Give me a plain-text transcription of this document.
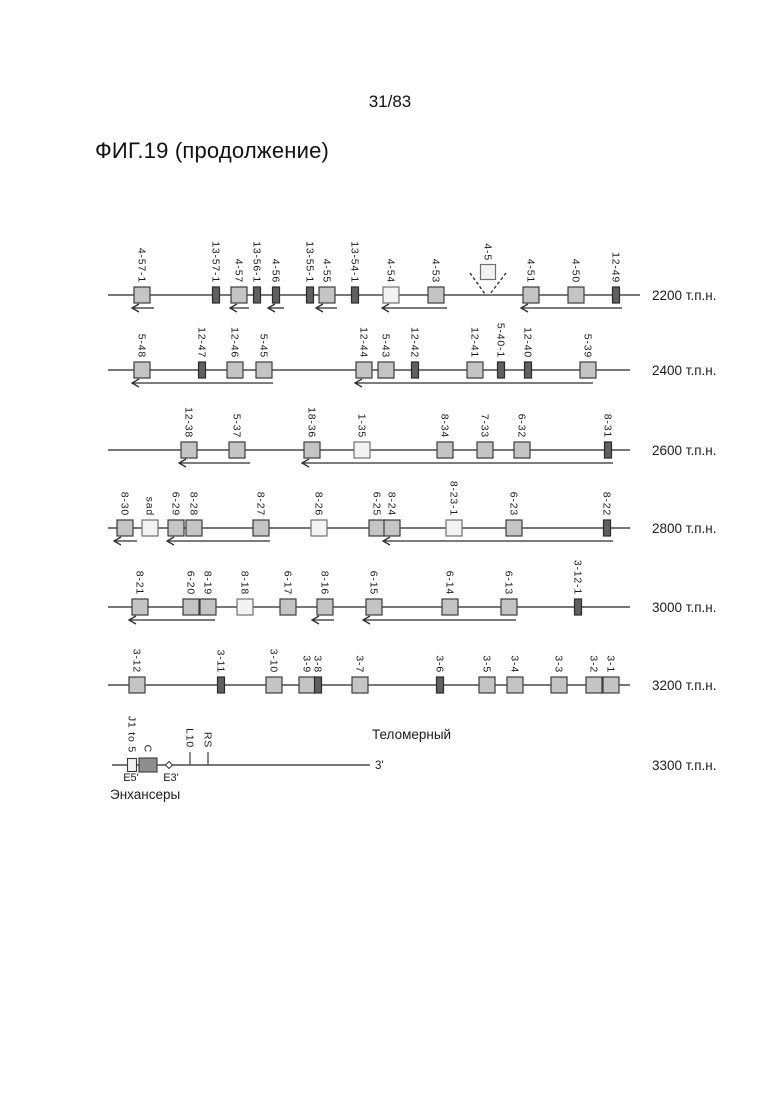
31/83
ФИГ.19 (продолжение)
4-57-1	13-57-1 4-57 13-56-1 4-56 13-55-1 4-55 13-54-1 4-54	4-53	4-51	4-50	12-49
4-5
2200 т.п.н.
5-48	12-47 12-46 5-45	12-44 5-43 12-42	12-41 5-40-1 12-40	5-39
2400 т.п.н.
12-38	5-37	18-36	1-35	8-34	7-33 6-32	8-31
2600 т.п.н.
8-30 sad 6-29 8-28	8-27	8-26	6-25 8-24	8-23-1	6-23	8-22
2800 т.п.н.
8-21	6-20 8-19 8-18	6-17 8-16	6-15	6-14	6-13	3-12-1
3000 т.п.н.
3-12	3-11	3-10 3-9 3-8	3-7	3-6	3-5 3-4	3-3 3-2 3-1
3200 т.п.н.
J1 to 5 C
L10 RS	Теломерный
3'
E5' E3'
Энхансеры
3300 т.п.н.
